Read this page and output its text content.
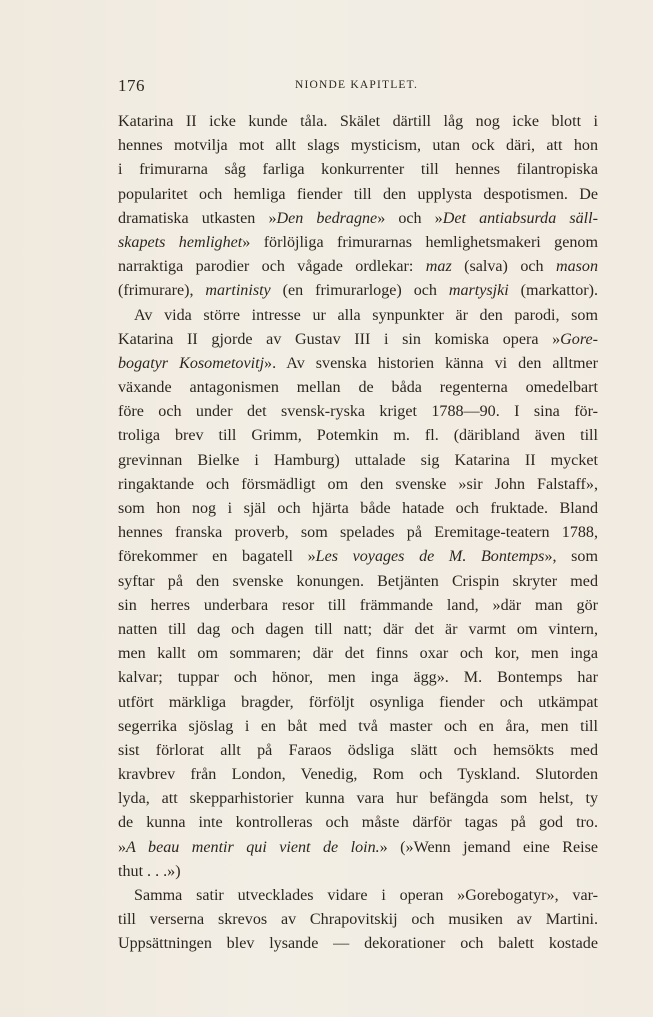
176	NIONDE KAPITLET.
Katarina II icke kunde tåla. Skälet därtill låg nog icke blott i
hennes motvilja mot allt slags mysticism, utan ock däri, att hon
i frimurarna såg farliga konkurrenter till hennes filantropiska
popularitet och hemliga fiender till den upplysta despotismen. De
dramatiska utkasten »Den bedragne» och »Det antiabsurda säll-
skapets hemlighet» förlöjliga frimurarnas hemlighetsmakeri genom
narraktiga parodier och vågade ordlekar: maz (salva) och mason
(frimurare), martinisty (en frimurarloge) och martysjki (markattor).
Av vida större intresse ur alla synpunkter är den parodi, som
Katarina II gjorde av Gustav III i sin komiska opera »Gore-
bogatyr Kosometovitj». Av svenska historien känna vi den alltmer
växande antagonismen mellan de båda regenterna omedelbart
före och under det svensk-ryska kriget 1788—90. I sina för-
troliga brev till Grimm, Potemkin m. fl. (däribland även till
grevinnan Bielke i Hamburg) uttalade sig Katarina II mycket
ringaktande och försmädligt om den svenske »sir John Falstaff»,
som hon nog i själ och hjärta både hatade och fruktade. Bland
hennes franska proverb, som spelades på Eremitage-teatern 1788,
förekommer en bagatell »Les voyages de M. Bontemps», som
syftar på den svenske konungen. Betjänten Crispin skryter med
sin herres underbara resor till främmande land, »där man gör
natten till dag och dagen till natt; där det är varmt om vintern,
men kallt om sommaren; där det finns oxar och kor, men inga
kalvar; tuppar och hönor, men inga ägg». M. Bontemps har
utfört märkliga bragder, förföljt osynliga fiender och utkämpat
segerrika sjöslag i en båt med två master och en åra, men till
sist förlorat allt på Faraos ödsliga slätt och hemsökts med
kravbrev från London, Venedig, Rom och Tyskland. Slutorden
lyda, att skepparhistorier kunna vara hur befängda som helst, ty
de kunna inte kontrolleras och måste därför tagas på god tro.
»A beau mentir qui vient de loin.» (»Wenn jemand eine Reise
thut . . .»)
Samma satir utvecklades vidare i operan »Gorebogatyr», var-
till verserna skrevos av Chrapovitskij och musiken av Martini.
Uppsättningen blev lysande — dekorationer och balett kostade
